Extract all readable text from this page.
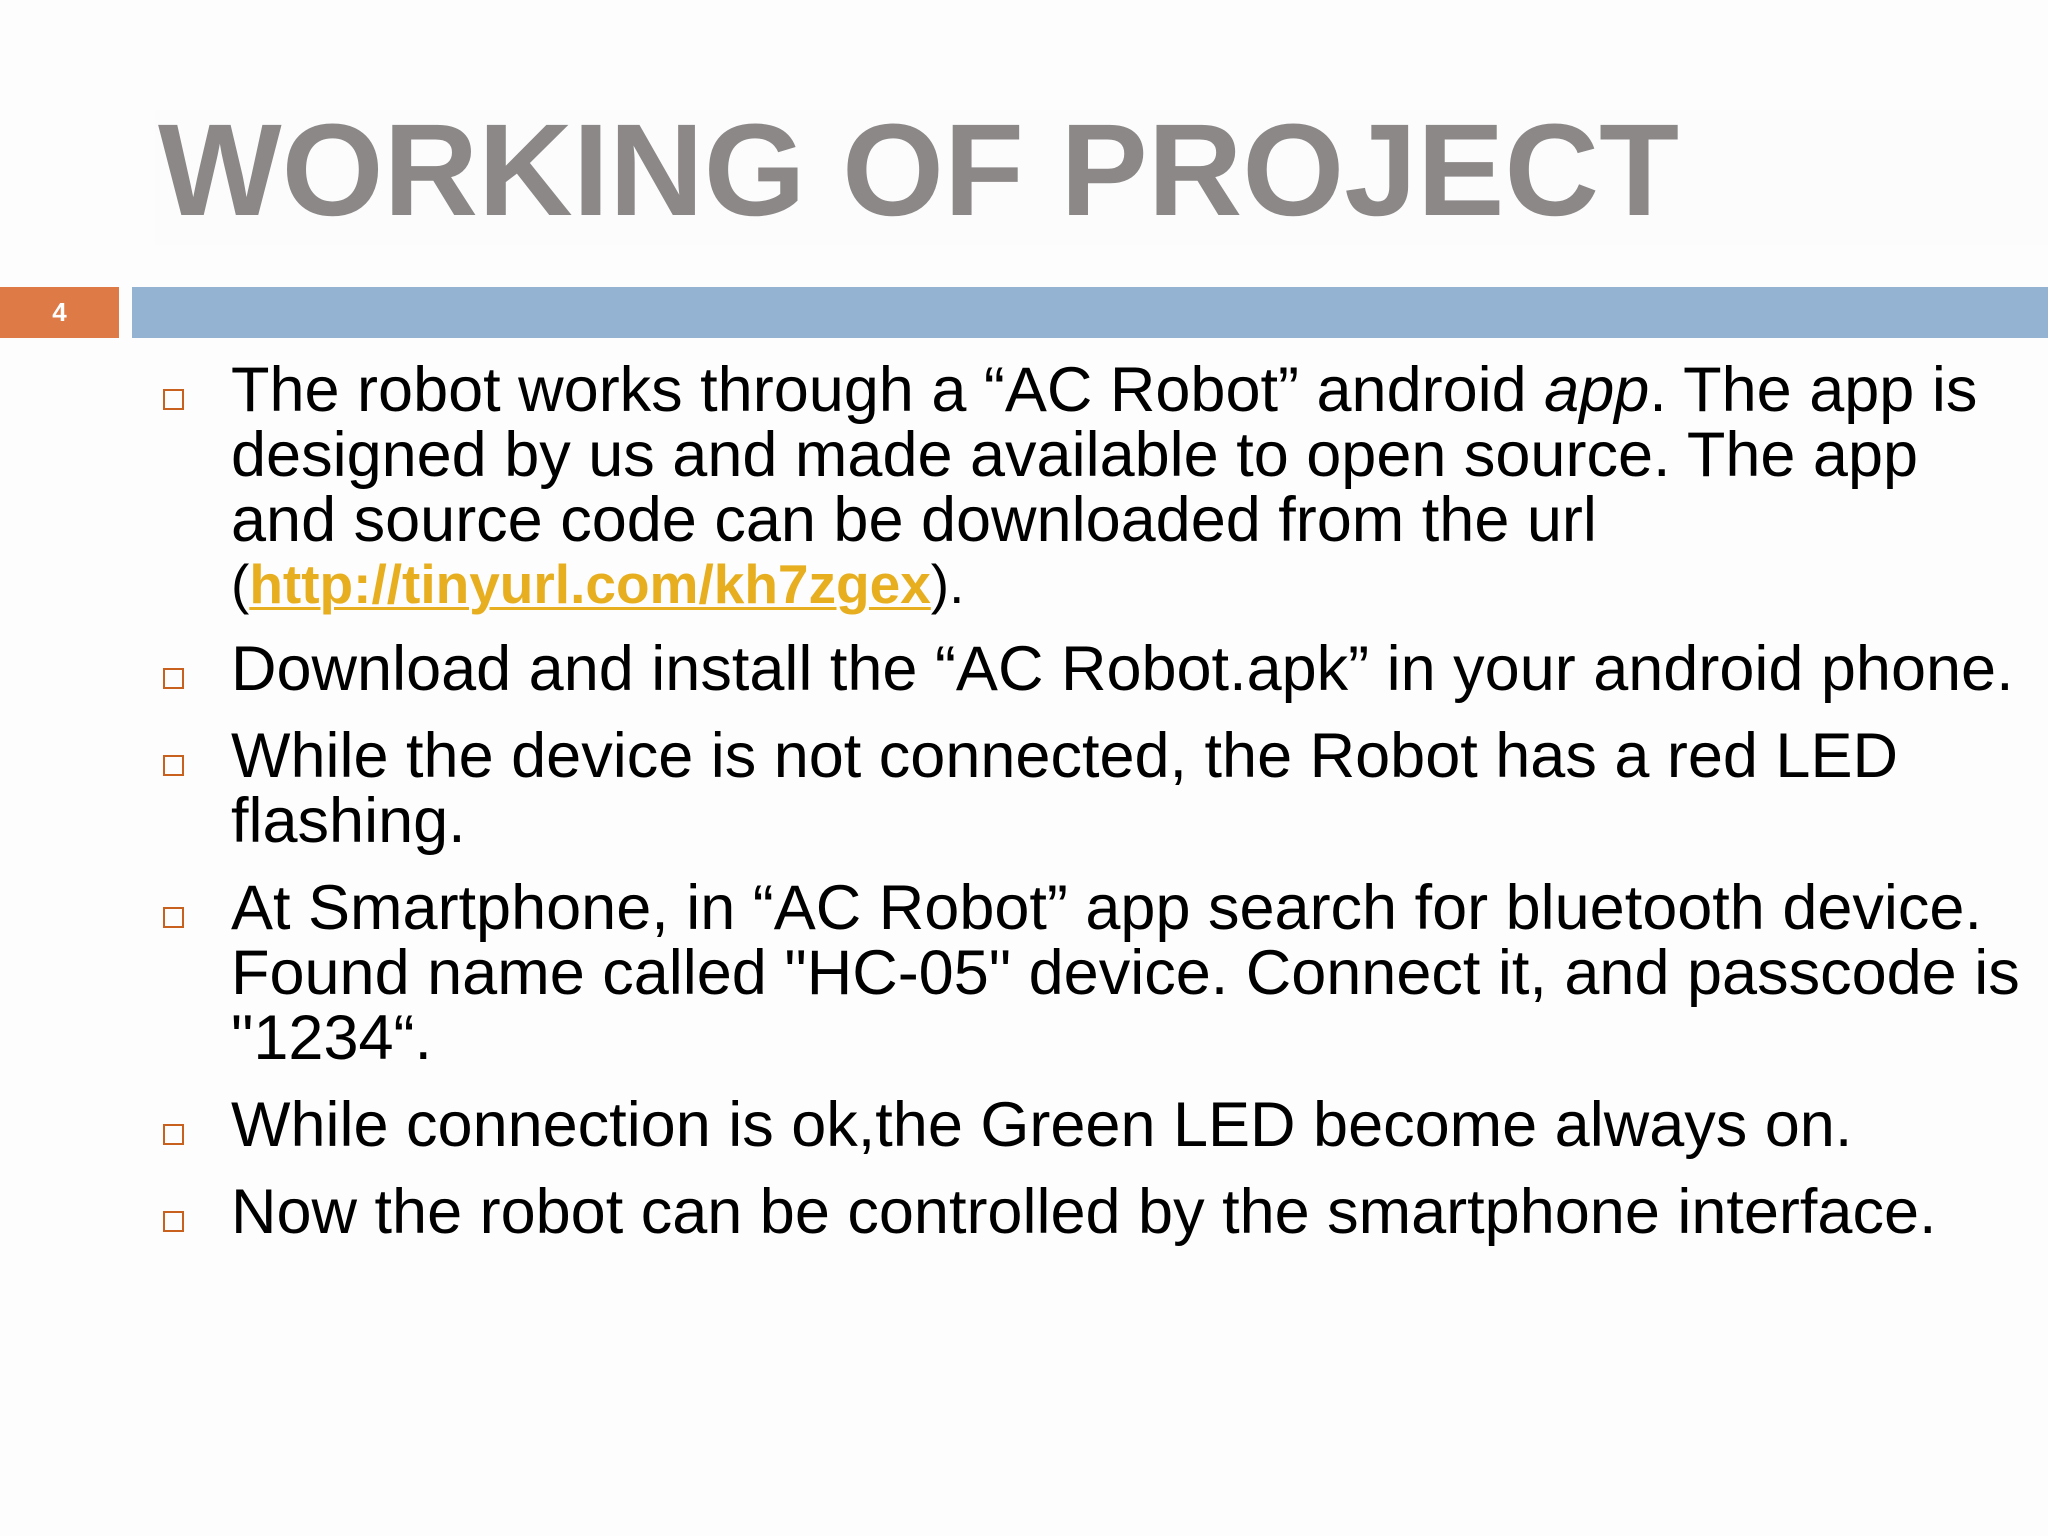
WORKING OF PROJECT
4
The robot works through a “AC Robot” android app. The app is designed by us and made available to open source. The app and source code can be downloaded from the url
(http://tinyurl.com/kh7zgex).
Download and install the “AC Robot.apk” in your android phone.
While the device is not connected, the Robot has a red LED flashing.
At Smartphone, in “AC Robot” app search for bluetooth device. Found name called "HC-05" device. Connect it, and passcode is "1234“.
While connection is ok,the Green LED become always on.
Now the robot can be controlled by the smartphone interface.
